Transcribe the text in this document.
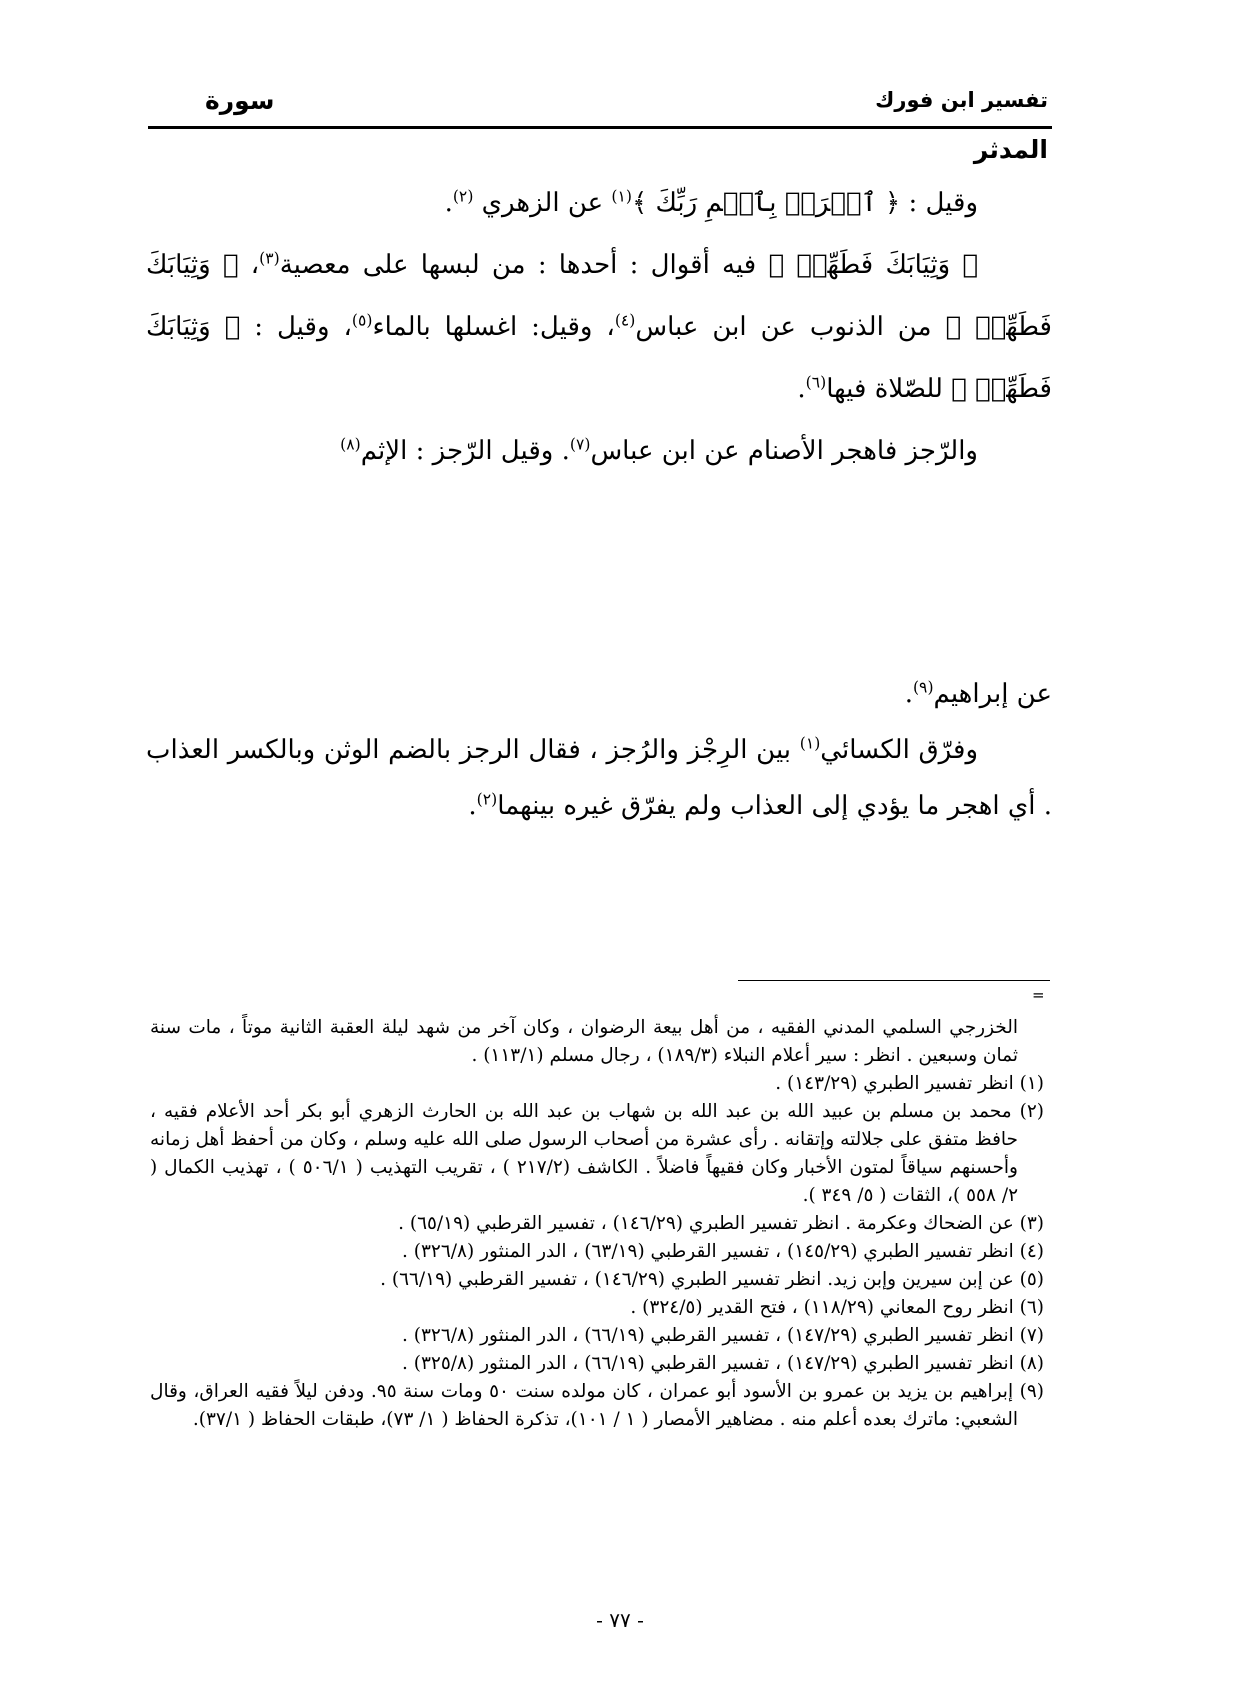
تفسير ابن فورك
سورة
المدثر

وقيل : ﴿ ٱقۡرَأۡ بِٱسۡمِ رَبِّكَ ﴾$^{(١)}$ عن الزهري $^{(٢)}$.

﴿ وَثِيَابَكَ فَطَهِّرۡ ﴾ فيه أقوال : أحدها : من لبسها على معصية$^{(٣)}$، ﴿ وَثِيَابَكَ فَطَهِّرۡ ﴾ من الذنوب عن ابن عباس$^{(٤)}$، وقيل: اغسلها بالماء$^{(٥)}$، وقيل : ﴿ وَثِيَابَكَ فَطَهِّرۡ ﴾ للصّلاة فيها$^{(٦)}$.

والرّجز فاهجر الأصنام عن ابن عباس$^{(٧)}$. وقيل الرّجز : الإثم$^{(٨)}$

عن إبراهيم$^{(٩)}$.

وفرّق الكسائي$^{(١)}$ بين الرِجْز والرُجز ، فقال الرجز بالضم الوثن وبالكسر العذاب . أي اهجر ما يؤدي إلى العذاب ولم يفرّق غيره بينهما$^{(٢)}$.

=

الخزرجي السلمي المدني الفقيه ، من أهل بيعة الرضوان ، وكان آخر من شهد ليلة العقبة الثانية موتاً ، مات سنة ثمان وسبعين . انظر : سير أعلام النبلاء (١٨٩/٣) ، رجال مسلم (١١٣/١) .

(١) انظر تفسير الطبري (١٤٣/٢٩) .

(٢) محمد بن مسلم بن عبيد الله بن عبد الله بن شهاب بن عبد الله بن الحارث الزهري أبو بكر أحد الأعلام فقيه ، حافظ متفق على جلالته وإتقانه . رأى عشرة من أصحاب الرسول صلى الله عليه وسلم ، وكان من أحفظ أهل زمانه وأحسنهم سياقاً لمتون الأخبار وكان فقيهاً فاضلاً . الكاشف (٢١٧/٢ ) ، تقريب التهذيب ( ٥٠٦/١ ) ، تهذيب الكمال ( ٢/ ٥٥٨ )، الثقات ( ٥/ ٣٤٩ ).

(٣) عن الضحاك وعكرمة . انظر تفسير الطبري (١٤٦/٢٩) ، تفسير القرطبي (٦٥/١٩) .

(٤) انظر تفسير الطبري (١٤٥/٢٩) ، تفسير القرطبي (٦٣/١٩) ، الدر المنثور (٣٢٦/٨) .

(٥) عن إبن سيرين وإبن زيد. انظر تفسير الطبري (١٤٦/٢٩) ، تفسير القرطبي (٦٦/١٩) .

(٦) انظر روح المعاني (١١٨/٢٩) ، فتح القدير (٣٢٤/٥) .

(٧) انظر تفسير الطبري (١٤٧/٢٩) ، تفسير القرطبي (٦٦/١٩) ، الدر المنثور (٣٢٦/٨) .

(٨) انظر تفسير الطبري (١٤٧/٢٩) ، تفسير القرطبي (٦٦/١٩) ، الدر المنثور (٣٢٥/٨) .

(٩) إبراهيم بن يزيد بن عمرو بن الأسود أبو عمران ، كان مولده سنت ٥٠ ومات سنة ٩٥. ودفن ليلاً فقيه العراق، وقال الشعبي: ماترك بعده أعلم منه . مضاهير الأمصار ( ١ / ١٠١)، تذكرة الحفاظ ( ١/ ٧٣)، طبقات الحفاظ ( ٣٧/١).

- ٧٧ -
